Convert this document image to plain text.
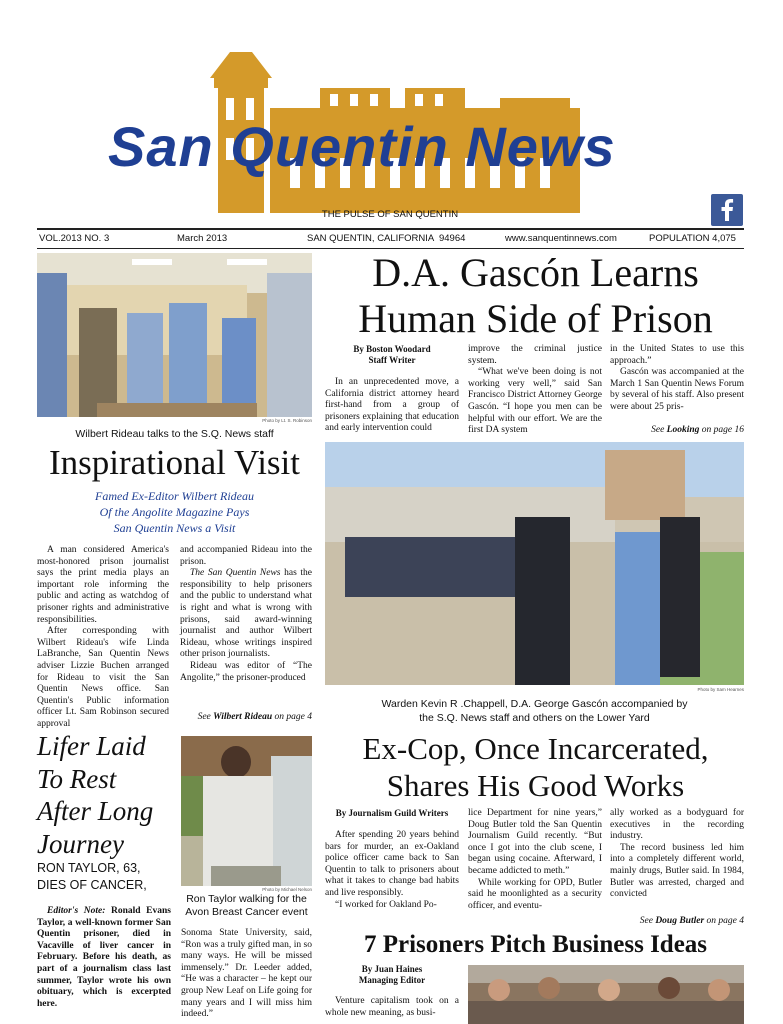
San Quentin News
THE PULSE OF SAN QUENTIN
VOL.2013 NO. 3	March 2013	SAN QUENTIN, CALIFORNIA  94964	www.sanquentinnews.com	POPULATION 4,075
Photo by Lt. S. Robinson
Wilbert Rideau talks to the S.Q. News staff
D.A. Gascón Learns
Human Side of Prison
By Boston Woodard
Staff Writer

In an unprecedented move, a California district attorney heard first-hand from a group of prisoners explaining that education and early intervention could

improve the criminal justice system.

“What we've been doing is not working very well,” said San Francisco District Attorney George Gascón. “I hope you men can be helpful with our effort. We are the first DA system

in the United States to use this approach.”

Gascón was accompanied at the March 1 San Quentin News Forum by several of his staff. Also present were about 25 pris-

See Looking on page 16
Photo by Sam Hearnes
Warden Kevin R .Chappell, D.A. George Gascón accompanied by
the S.Q. News staff and others on the Lower Yard
Inspirational Visit
Famed Ex-Editor Wilbert Rideau
Of the Angolite Magazine Pays
San Quentin News a Visit

A man considered America's most-honored prison journalist says the print media plays an important role informing the public and acting as watchdog of prisoner rights and administrative responsibilities.

After corresponding with Wilbert Rideau's wife Linda LaBranche, San Quentin News adviser Lizzie Buchen arranged for Rideau to visit the San Quentin News office. San Quentin's Public information officer Lt. Sam Robinson secured approval

and accompanied Rideau into the prison.

The San Quentin News has the responsibility to help prisoners and the public to understand what is right and what is wrong with prisons, said award-winning journalist and author Wilbert Rideau, whose writings inspired other prison journalists.

Rideau was editor of “The Angolite,” the prisoner-produced

See Wilbert Rideau on page 4
Lifer Laid
To Rest
After Long
Journey
RON TAYLOR, 63,
DIES OF CANCER,
Editor's Note: Ronald Evans Taylor, a well-known former San Quentin prisoner, died in Vacaville of liver cancer in February. Before his death, as part of a journalism class last summer, Taylor wrote his own obituary, which is excerpted here.
Photo by Michael Nelson
Ron Taylor walking for the
Avon Breast Cancer event

Sonoma State University, said, “Ron was a truly gifted man, in so many ways. He will be missed immensely.” Dr. Leeder added, “He was a character – he kept our group New Leaf on Life going for many years and I will miss him indeed.”

Ex-Cop, Once Incarcerated,
Shares His Good Works
By Journalism Guild Writers

After spending 20 years behind bars for murder, an ex-Oakland police officer came back to San Quentin to talk to prisoners about what it takes to change bad habits and live responsibly.

“I worked for Oakland Po-

lice Department for nine years,” Doug Butler told the San Quentin Journalism Guild recently. “But once I got into the club scene, I began using cocaine. Afterward, I became addicted to meth.”

While working for OPD, Butler said he moonlighted as a security officer, and eventu-

ally worked as a bodyguard for executives in the recording industry.

The record business led him into a completely different world, mainly drugs, Butler said. In 1984, Butler was arrested, charged and convicted

See Doug Butler on page 4
7 Prisoners Pitch Business Ideas
By Juan Haines
Managing Editor

Venture capitalism took on a whole new meaning, as busi-
